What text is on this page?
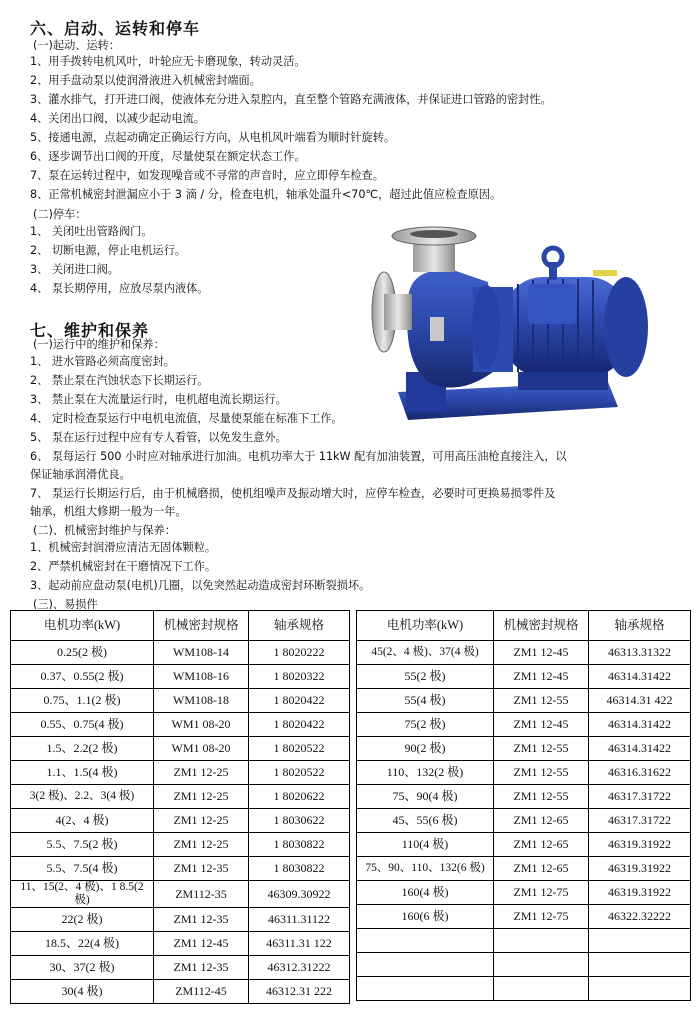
六、启动、运转和停车
(一)起动、运转：
1、用手拨转电机风叶，叶轮应无卡磨现象，转动灵活。
2、用手盘动泵以使润滑液进入机械密封端面。
3、灌水排气，打开进口阀，使液体充分进入泵腔内，直至整个管路充满液体，并保证进口管路的密封性。
4、关闭出口阀，以减少起动电流。
5、接通电源，点起动确定正确运行方向，从电机风叶端看为顺时针旋转。
6、逐步调节出口阀的开度，尽量使泵在额定状态工作。
7、泵在运转过程中，如发现噪音或不寻常的声音时，应立即停车检查。
8、正常机械密封泄漏应小于 3 滴 / 分，检查电机，轴承处温升<70℃，超过此值应检查原因。
(二)停车：
1、 关闭吐出管路阀门。
2、 切断电源，停止电机运行。
3、 关闭进口阀。
4、 泵长期停用，应放尽泵内液体。
七、维护和保养
(一)运行中的维护和保养：
1、 进水管路必须高度密封。
2、 禁止泵在汽蚀状态下长期运行。
3、 禁止泵在大流量运行时，电机超电流长期运行。
4、 定时检查泵运行中电机电流值，尽量使泵能在标准下工作。
5、 泵在运行过程中应有专人看管，以免发生意外。
6、 泵每运行 500 小时应对轴承进行加油。电机功率大于 11kW 配有加油装置，可用高压油枪直接注入，以
保证轴承润滑优良。
7、 泵运行长期运行后，由于机械磨损，使机组噪声及振动增大时，应停车检查，必要时可更换易损零件及
轴承，机组大修期一般为一年。
(二)、机械密封维护与保养：
1、机械密封润滑应清洁无固体颗粒。
2、严禁机械密封在干磨情况下工作。
3、起动前应盘动泵(电机)几圈，以免突然起动造成密封环断裂损坏。
(三)、易损件
电机功率(kW)	机械密封规格	轴承规格
0.25(2 极)	WM108-14	1 8020222
0.37、0.55(2 极)	WM108-16	1 8020322
0.75、1.1(2 极)	WM108-18	1 8020422
0.55、0.75(4 极)	WM1 08-20	1 8020422
1.5、2.2(2 极)	WM1 08-20	1 8020522
1.1、1.5(4 极)	ZM1 12-25	1 8020522
3(2 极)、2.2、3(4 极)	ZM1 12-25	1 8020622
4(2、4 极)	ZM1 12-25	1 8030622
5.5、7.5(2 极)	ZM1 12-25	1 8030822
5.5、7.5(4 极)	ZM1 12-35	1 8030822
11、15(2、4 极)、1 8.5(2 极)	ZM112-35	46309.30922
22(2 极)	ZM1 12-35	46311.31122
18.5、22(4 极)	ZM1 12-45	46311.31 122
30、37(2 极)	ZM1 12-35	46312.31222
30(4 极)	ZM112-45	46312.31 222
电机功率(kW)	机械密封规格	轴承规格
45(2、4 极)、37(4 极)	ZM1 12-45	46313.31322
55(2 极)	ZM1 12-45	46314.31422
55(4 极)	ZM1 12-55	46314.31 422
75(2 极)	ZM1 12-45	46314.31422
90(2 极)	ZM1 12-55	46314.31422
110、132(2 极)	ZM1 12-55	46316.31622
75、90(4 极)	ZM1 12-55	46317.31722
45、55(6 极)	ZM1 12-65	46317.31722
110(4 极)	ZM1 12-65	46319.31922
75、90、110、132(6 极)	ZM1 12-65	46319.31922
160(4 极)	ZM1 12-75	46319.31922
160(6 极)	ZM1 12-75	46322.32222
